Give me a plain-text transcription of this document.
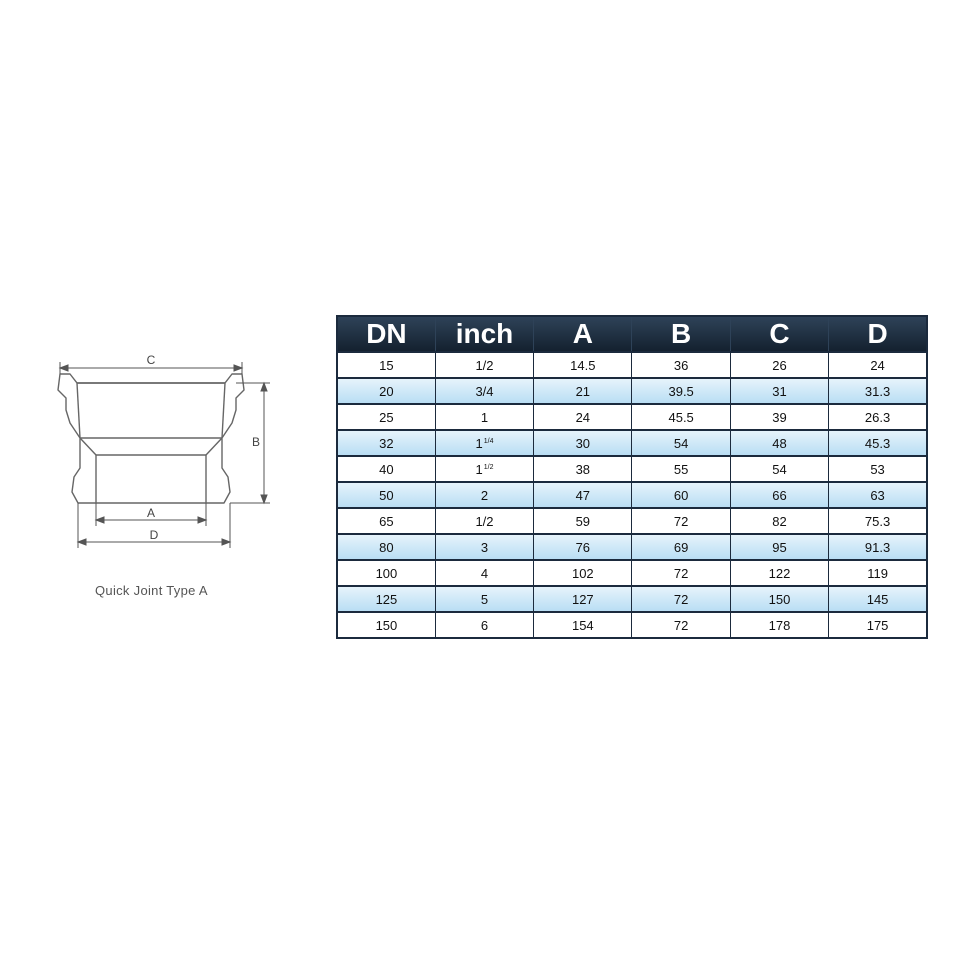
C
B
A
D
Quick Joint Type A
DN	inch	A	B	C	D
15	1/2	14.5	36	26	24
20	3/4	21	39.5	31	31.3
25	1	24	45.5	39	26.3
32	$1^{1/4}$	30	54	48	45.3
40	$1^{1/2}$	38	55	54	53
50	2	47	60	66	63
65	1/2	59	72	82	75.3
80	3	76	69	95	91.3
100	4	102	72	122	119
125	5	127	72	150	145
150	6	154	72	178	175
